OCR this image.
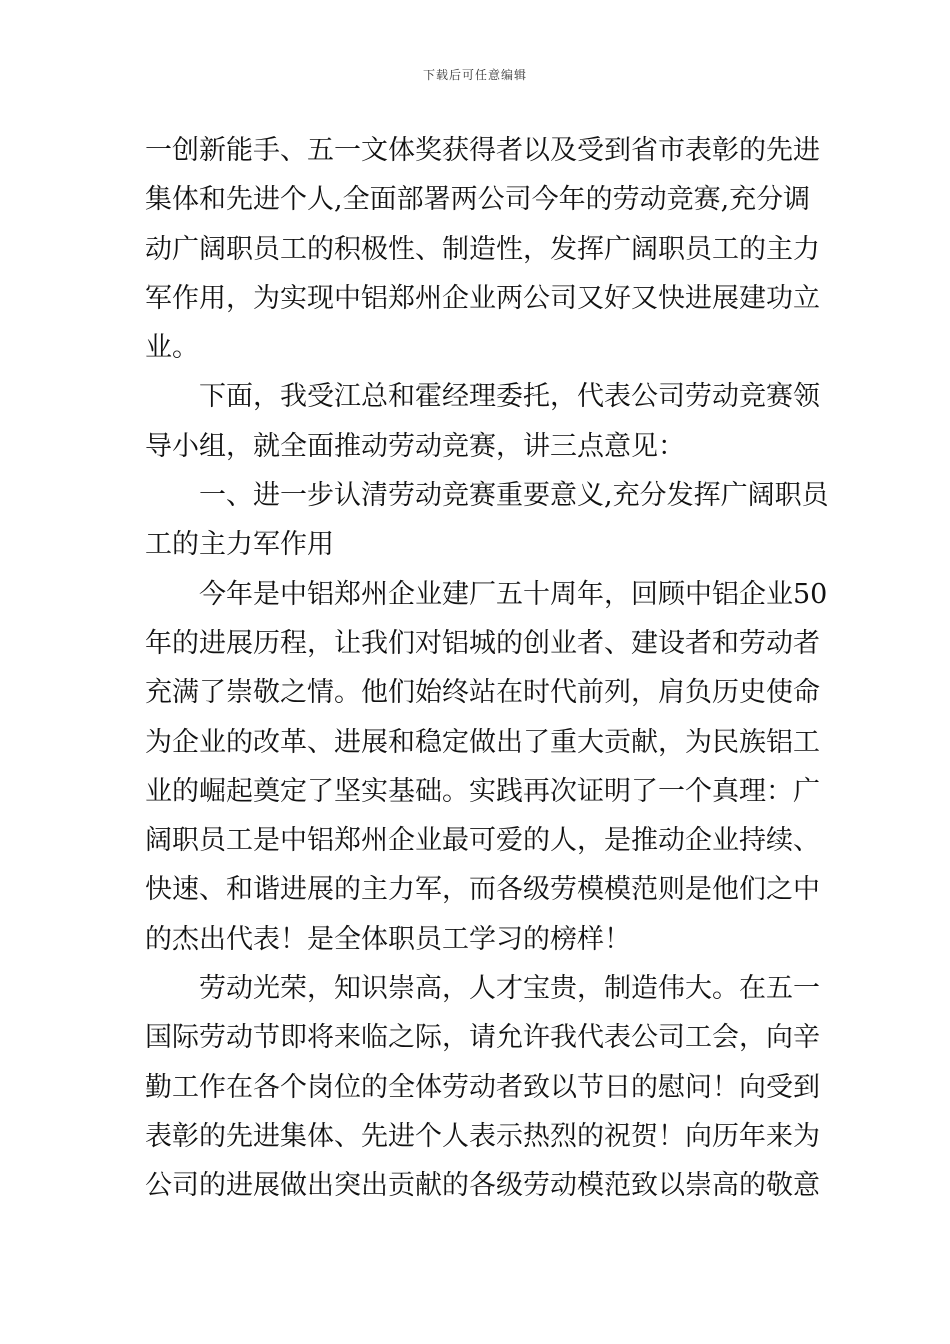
下载后可任意编辑
一创新能手、五一文体奖获得者以及受到省市表彰的先进
集体和先进个人,全面部署两公司今年的劳动竞赛,充分调
动广阔职员工的积极性、制造性，发挥广阔职员工的主力
军作用，为实现中铝郑州企业两公司又好又快进展建功立
业。
下面，我受江总和霍经理委托，代表公司劳动竞赛领
导小组，就全面推动劳动竞赛，讲三点意见：
一、进一步认清劳动竞赛重要意义,充分发挥广阔职员
工的主力军作用
今年是中铝郑州企业建厂五十周年，回顾中铝企业50
年的进展历程，让我们对铝城的创业者、建设者和劳动者
充满了崇敬之情。他们始终站在时代前列，肩负历史使命
为企业的改革、进展和稳定做出了重大贡献，为民族铝工
业的崛起奠定了坚实基础。实践再次证明了一个真理：广
阔职员工是中铝郑州企业最可爱的人，是推动企业持续、
快速、和谐进展的主力军，而各级劳模模范则是他们之中
的杰出代表！是全体职员工学习的榜样！
劳动光荣，知识崇高，人才宝贵，制造伟大。在五一
国际劳动节即将来临之际，请允许我代表公司工会，向辛
勤工作在各个岗位的全体劳动者致以节日的慰问！向受到
表彰的先进集体、先进个人表示热烈的祝贺！向历年来为
公司的进展做出突出贡献的各级劳动模范致以崇高的敬意
